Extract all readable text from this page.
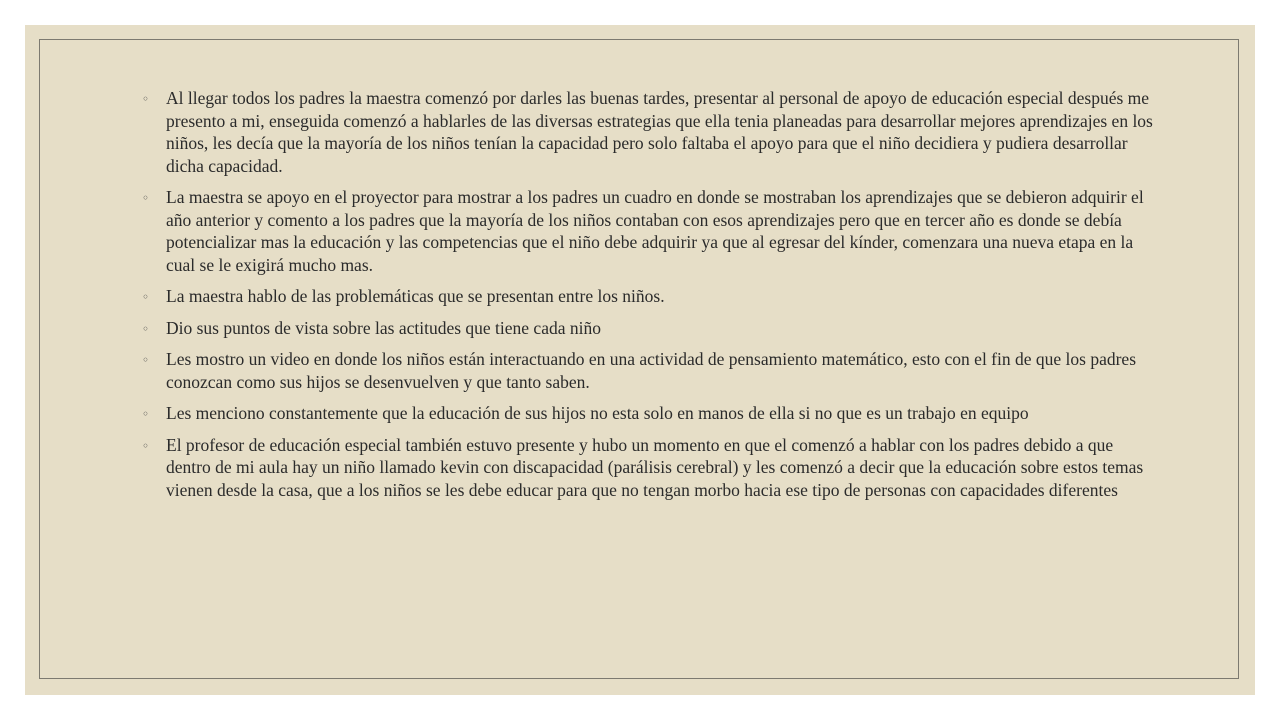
◦ Al llegar todos los padres la maestra comenzó por darles las buenas tardes, presentar al personal de apoyo de educación especial después me presento a mi, enseguida comenzó a hablarles de las diversas estrategias que ella tenia planeadas para desarrollar mejores aprendizajes en los niños, les decía que la mayoría de los niños tenían la capacidad pero solo faltaba el apoyo para que el niño decidiera y pudiera desarrollar dicha capacidad.
◦ La maestra se apoyo en el proyector para mostrar a los padres un cuadro en donde se mostraban los aprendizajes que se debieron adquirir el año anterior y comento a los padres que la mayoría de los niños contaban con esos aprendizajes pero que en tercer año es donde se debía potencializar mas la educación y las competencias que el niño debe adquirir ya que al egresar del kínder, comenzara una nueva etapa en la cual se le exigirá mucho mas.
◦ La maestra hablo de las problemáticas que se presentan entre los niños.
◦ Dio sus puntos de vista sobre las actitudes que tiene cada niño
◦ Les mostro un video en donde los niños están interactuando en una actividad de pensamiento matemático, esto con el fin de que los padres conozcan como sus hijos se desenvuelven y que tanto saben.
◦ Les menciono constantemente que la educación de sus hijos no esta solo en manos de ella si no que es un trabajo en equipo
◦ El profesor de educación especial también estuvo presente y hubo un momento en que el comenzó a hablar con los padres debido a que dentro de mi aula hay un niño llamado kevin con discapacidad (parálisis cerebral) y les comenzó a decir que la educación sobre estos temas vienen desde la casa, que a los niños se les debe educar para que no tengan morbo hacia ese tipo de personas con capacidades diferentes
